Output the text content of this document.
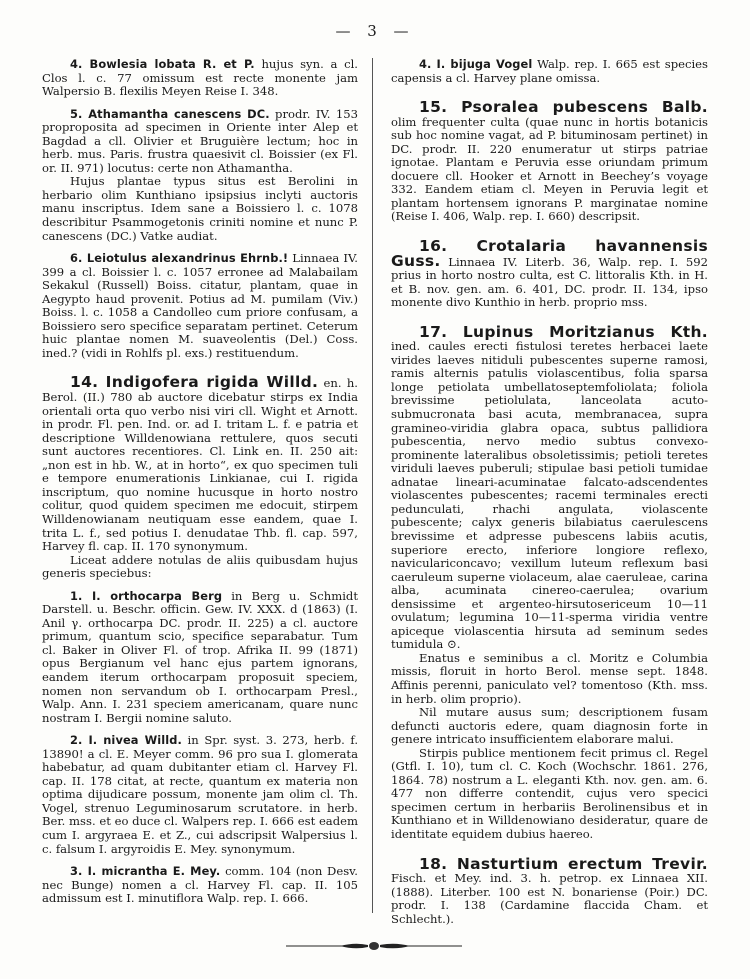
— 3 —
4. Bowlesia lobata R. et P. hujus syn. a cl. Clos l. c. 77 omissum est recte monente jam Walpersio B. flexilis Meyen Reise I. 348.

5. Athamantha canescens DC. prodr. IV. 153 proproposita ad specimen in Oriente inter Alep et Bagdad a cll. Olivier et Bruguière lectum; hoc in herb. mus. Paris. frustra quaesivit cl. Boissier (ex Fl. or. II. 971) locutus: certe non Athamantha.

Hujus plantae typus situs est Berolini in herbario olim Kunthiano ipsipsius inclyti auctoris manu inscriptus. Idem sane a Boissiero l. c. 1078 describitur Psammogetonis criniti nomine et nunc P. canescens (DC.) Vatke audiat.

6. Leiotulus alexandrinus Ehrnb.! Linnaea IV. 399 a cl. Boissier l. c. 1057 erronee ad Malabailam Sekakul (Russell) Boiss. citatur, plantam, quae in Aegypto haud provenit. Potius ad M. pumilam (Viv.) Boiss. l. c. 1058 a Candolleo cum priore confusam, a Boissiero sero specifice separatam pertinet. Ceterum huic plantae nomen M. suaveolentis (Del.) Coss. ined.? (vidi in Rohlfs pl. exs.) restituendum.

14. Indigofera rigida Willd. en. h. Berol. (II.) 780 ab auctore dicebatur stirps ex India orientali orta quo verbo nisi viri cll. Wight et Arnott. in prodr. Fl. pen. Ind. or. ad I. tritam L. f. e patria et descriptione Willdenowiana rettulere, quos secuti sunt auctores recentiores. Cl. Link en. II. 250 ait: „non est in hb. W., at in horto“, ex quo specimen tuli e tempore enumerationis Linkianae, cui I. rigida inscriptum, quo nomine hucusque in horto nostro colitur, quod quidem specimen me edocuit, stirpem Willdenowianam neutiquam esse eandem, quae I. trita L. f., sed potius I. denudatae Thb. fl. cap. 597, Harvey fl. cap. II. 170 synonymum.

Liceat addere notulas de aliis quibusdam hujus generis speciebus:

1. I. orthocarpa Berg in Berg u. Schmidt Darstell. u. Beschr. officin. Gew. IV. XXX. d (1863) (I. Anil γ. orthocarpa DC. prodr. II. 225) a cl. auctore primum, quantum scio, specifice separabatur. Tum cl. Baker in Oliver Fl. of trop. Afrika II. 99 (1871) opus Bergianum vel hanc ejus partem ignorans, eandem iterum orthocarpam proposuit speciem, nomen non servandum ob I. orthocarpam Presl., Walp. Ann. I. 231 speciem americanam, quare nunc nostram I. Bergii nomine saluto.
2. I. nivea Willd. in Spr. syst. 3. 273, herb. f. 13890! a cl. E. Meyer comm. 96 pro sua I. glomerata habebatur, ad quam dubitanter etiam cl. Harvey Fl. cap. II. 178 citat, at recte, quantum ex materia non optima dijudicare possum, monente jam olim cl. Th. Vogel, strenuo Leguminosarum scrutatore. in herb. Ber. mss. et eo duce cl. Walpers rep. I. 666 est eadem cum I. argyraea E. et Z., cui adscripsit Walpersius l. c. falsum I. argyroidis E. Mey. synonymum.
3. I. micrantha E. Mey. comm. 104 (non Desv. nec Bunge) nomen a cl. Harvey Fl. cap. II. 105 admissum est I. minutiflora Walp. rep. I. 666.
4. I. bijuga Vogel Walp. rep. I. 665 est species capensis a cl. Harvey plane omissa.
15. Psoralea pubescens Balb. olim frequenter culta (quae nunc in hortis botanicis sub hoc nomine vagat, ad P. bituminosam pertinet) in DC. prodr. II. 220 enumeratur ut stirps patriae ignotae. Plantam e Peruvia esse oriundam primum docuere cll. Hooker et Arnott in Beechey’s voyage 332. Eandem etiam cl. Meyen in Peruvia legit et plantam hortensem ignorans P. marginatae nomine (Reise I. 406, Walp. rep. I. 660) descripsit.
16. Crotalaria havannensis Guss. Linnaea IV. Literb. 36, Walp. rep. I. 592 prius in horto nostro culta, est C. littoralis Kth. in H. et B. nov. gen. am. 6. 401, DC. prodr. II. 134, ipso monente divo Kunthio in herb. proprio mss.

17. Lupinus Moritzianus Kth. ined. caules erecti fistulosi teretes herbacei laete virides laeves nitiduli pubescentes superne ramosi, ramis alternis patulis violascentibus, folia sparsa longe petiolata umbellatoseptemfoliolata; foliola brevissime petiolulata, lanceolata acuto-submucronata basi acuta, membranacea, supra gramineo-viridia glabra opaca, subtus pallidiora pubescentia, nervo medio subtus convexo-prominente lateralibus obsoletissimis; petioli teretes viriduli laeves puberuli; stipulae basi petioli tumidae adnatae lineari-acuminatae falcato-adscendentes violascentes pubescentes; racemi terminales erecti pedunculati, rhachi angulata, violascente pubescente; calyx generis bilabiatus caerulescens brevissime et adpresse pubescens labiis acutis, superiore erecto, inferiore longiore reflexo, naviculariconcavo; vexillum luteum reflexum basi caeruleum superne violaceum, alae caeruleae, carina alba, acuminata cinereo-caerulea; ovarium densissime et argenteo-hirsutosericeum 10—11 ovulatum; legumina 10—11-sperma viridia ventre apiceque violascentia hirsuta ad seminum sedes tumidula ⊙.

Enatus e seminibus a cl. Moritz e Columbia missis, floruit in horto Berol. mense sept. 1848. Affinis perenni, paniculato vel? tomentoso (Kth. mss. in herb. olim proprio).

Nil mutare ausus sum; descriptionem fusam defuncti auctoris edere, quam diagnosin forte in genere intricato insufficientem elaborare malui.

Stirpis publice mentionem fecit primus cl. Regel (Gtfl. I. 10), tum cl. C. Koch (Wochschr. 1861. 276, 1864. 78) nostrum a L. eleganti Kth. nov. gen. am. 6. 477 non differre contendit, cujus vero specici specimen certum in herbariis Berolinensibus et in Kunthiano et in Willdenowiano desideratur, quare de identitate equidem dubius haereo.

18. Nasturtium erectum Trevir. Fisch. et Mey. ind. 3. h. petrop. ex Linnaea XII. (1888). Literber. 100 est N. bonariense (Poir.) DC. prodr. I. 138 (Cardamine flaccida Cham. et Schlecht.).
